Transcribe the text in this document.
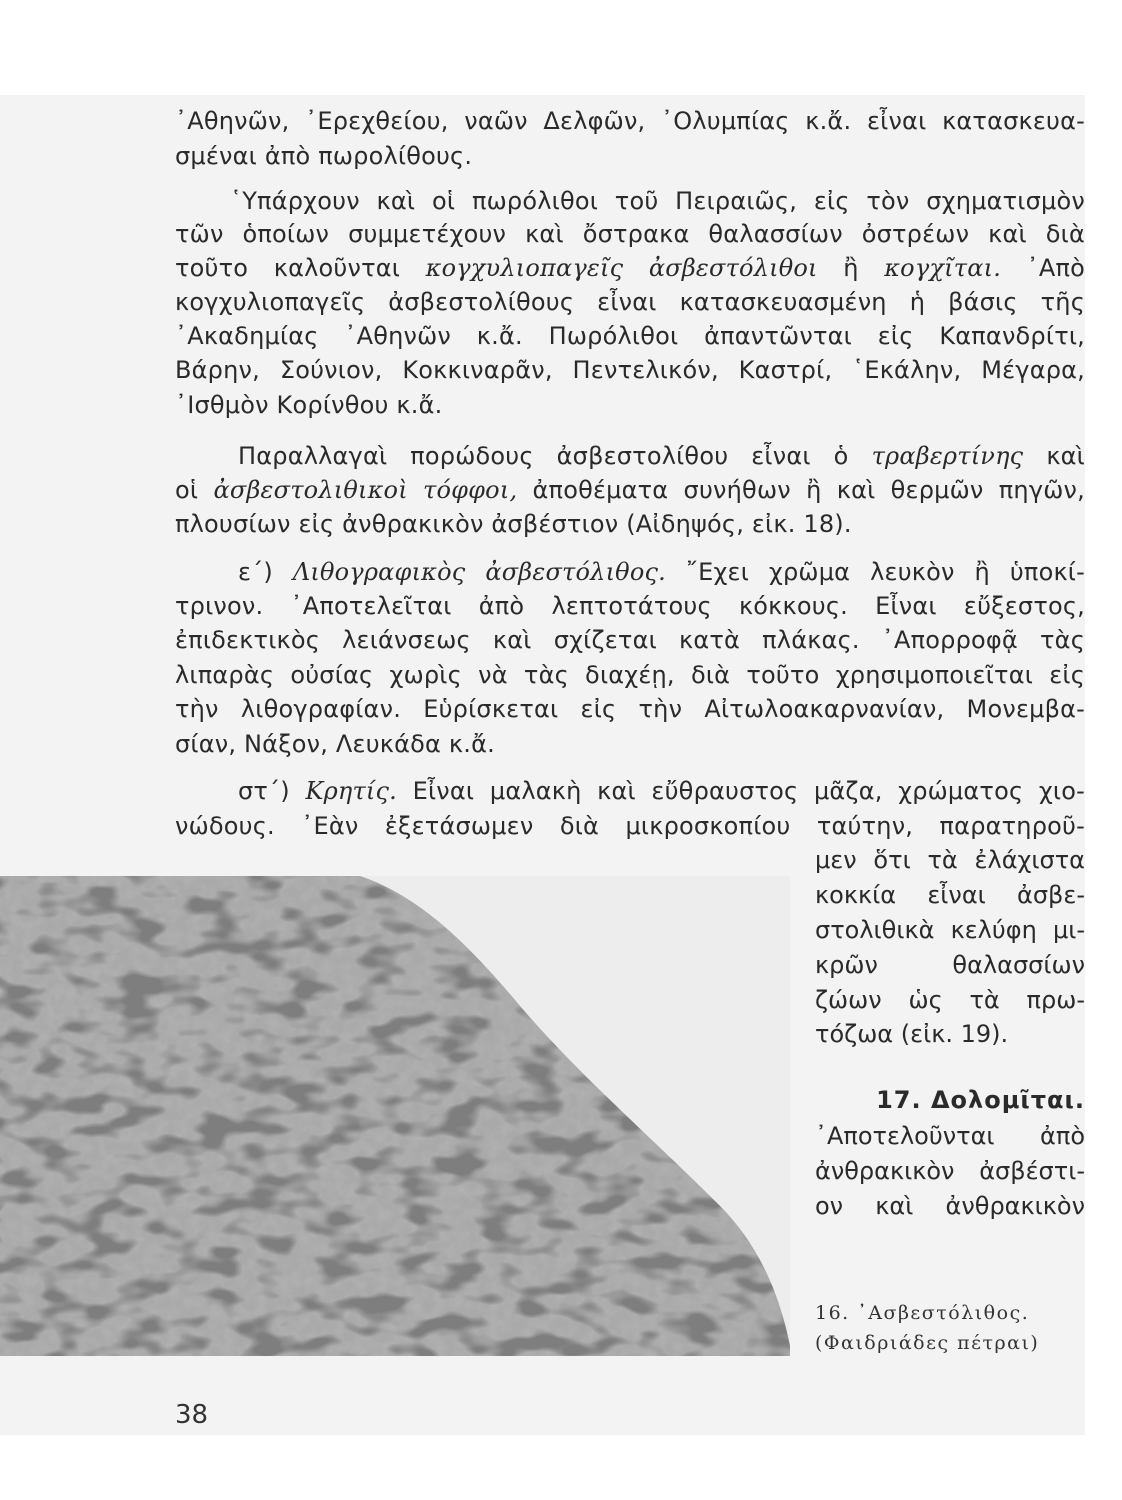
᾿Αθηνῶν, ᾿Ερεχθείου, ναῶν Δελφῶν, ᾿Ολυμπίας κ.ἄ. εἶναι κατασκευα-
σμέναι ἀπὸ πωρολίθους.
῾Υπάρχουν καὶ οἱ πωρόλιθοι τοῦ Πειραιῶς, εἰς τὸν σχηματισμὸν
τῶν ὁποίων συμμετέχουν καὶ ὄστρακα θαλασσίων ὀστρέων καὶ διὰ
τοῦτο καλοῦνται κογχυλιοπαγεῖς ἀσβεστόλιθοι ἢ κογχῖται. ᾿Απὸ
κογχυλιοπαγεῖς ἀσβεστολίθους εἶναι κατασκευασμένη ἡ βάσις τῆς
᾿Ακαδημίας ᾿Αθηνῶν κ.ἄ. Πωρόλιθοι ἀπαντῶνται εἰς Καπανδρίτι,
Βάρην, Σούνιον, Κοκκιναρᾶν, Πεντελικόν, Καστρί, ῾Εκάλην, Μέγαρα,
᾿Ισθμὸν Κορίνθου κ.ἄ.
Παραλλαγαὶ πορώδους ἀσβεστολίθου εἶναι ὁ τραβερτίνης καὶ
οἱ ἀσβεστολιθικοὶ τόφφοι, ἀποθέματα συνήθων ἢ καὶ θερμῶν πηγῶν,
πλουσίων εἰς ἀνθρακικὸν ἀσβέστιον (Αἰδηψός, εἰκ. 18).
ε΄) Λιθογραφικὸς ἀσβεστόλιθος. ῎Εχει χρῶμα λευκὸν ἢ ὑποκί-
τρινον. ᾿Αποτελεῖται ἀπὸ λεπτοτάτους κόκκους. Εἶναι εὔξεστος,
ἐπιδεκτικὸς λειάνσεως καὶ σχίζεται κατὰ πλάκας. ᾿Απορροφᾷ τὰς
λιπαρὰς οὐσίας χωρὶς νὰ τὰς διαχέῃ, διὰ τοῦτο χρησιμοποιεῖται εἰς
τὴν λιθογραφίαν. Εὑρίσκεται εἰς τὴν Αἰτωλοακαρνανίαν, Μονεμβα-
σίαν, Νάξον, Λευκάδα κ.ἄ.
στ΄) Κρητίς. Εἶναι μαλακὴ καὶ εὔθραυστος μᾶζα, χρώματος χιο-
νώδους. ᾿Εὰν ἐξετάσωμεν διὰ μικροσκοπίου ταύτην, παρατηροῦ-
μεν ὅτι τὰ ἐλάχιστα
κοκκία εἶναι ἀσβε-
στολιθικὰ κελύφη μι-
κρῶν θαλασσίων
ζώων ὡς τὰ πρω-
τόζωα (εἰκ. 19).
17. Δολομῖται.
᾿Αποτελοῦνται ἀπὸ
ἀνθρακικὸν ἀσβέστι-
ον καὶ ἀνθρακικὸν
16. ᾿Ασβεστόλιθος.
(Φαιδριάδες πέτραι)
38
